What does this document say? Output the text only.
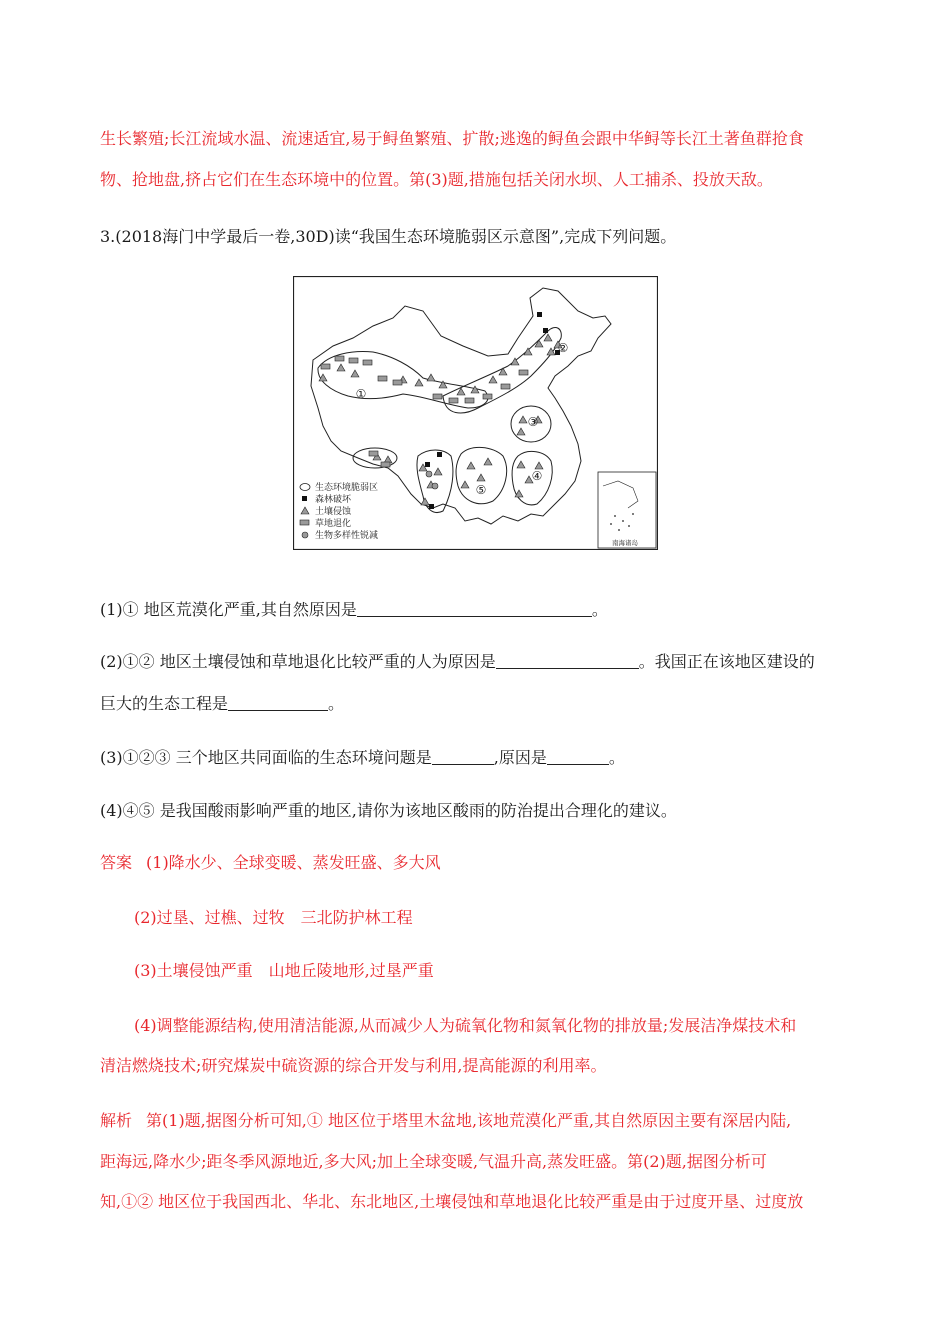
生长繁殖;长江流域水温、流速适宜,易于鲟鱼繁殖、扩散;逃逸的鲟鱼会跟中华鲟等长江土著鱼群抢食
物、抢地盘,挤占它们在生态环境中的位置。第(3)题,措施包括关闭水坝、人工捕杀、投放天敌。
3.(2018海门中学最后一卷,30D)读“我国生态环境脆弱区示意图”,完成下列问题。
南海诸岛
①
②
③
④
⑤
生态环境脆弱区
森林破坏
土壤侵蚀
草地退化
生物多样性锐减
(1)① 地区荒漠化严重,其自然原因是	。
(2)①② 地区土壤侵蚀和草地退化比较严重的人为原因是	。我国正在该地区建设的
巨大的生态工程是	。
(3)①②③ 三个地区共同面临的生态环境问题是	,原因是	。
(4)④⑤ 是我国酸雨影响严重的地区,请你为该地区酸雨的防治提出合理化的建议。
答案 (1)降水少、全球变暖、蒸发旺盛、多大风
(2)过垦、过樵、过牧　三北防护林工程
(3)土壤侵蚀严重　山地丘陵地形,过垦严重
(4)调整能源结构,使用清洁能源,从而减少人为硫氧化物和氮氧化物的排放量;发展洁净煤技术和
清洁燃烧技术;研究煤炭中硫资源的综合开发与利用,提高能源的利用率。
解析 第(1)题,据图分析可知,① 地区位于塔里木盆地,该地荒漠化严重,其自然原因主要有深居内陆,
距海远,降水少;距冬季风源地近,多大风;加上全球变暖,气温升高,蒸发旺盛。第(2)题,据图分析可
知,①② 地区位于我国西北、华北、东北地区,土壤侵蚀和草地退化比较严重是由于过度开垦、过度放
